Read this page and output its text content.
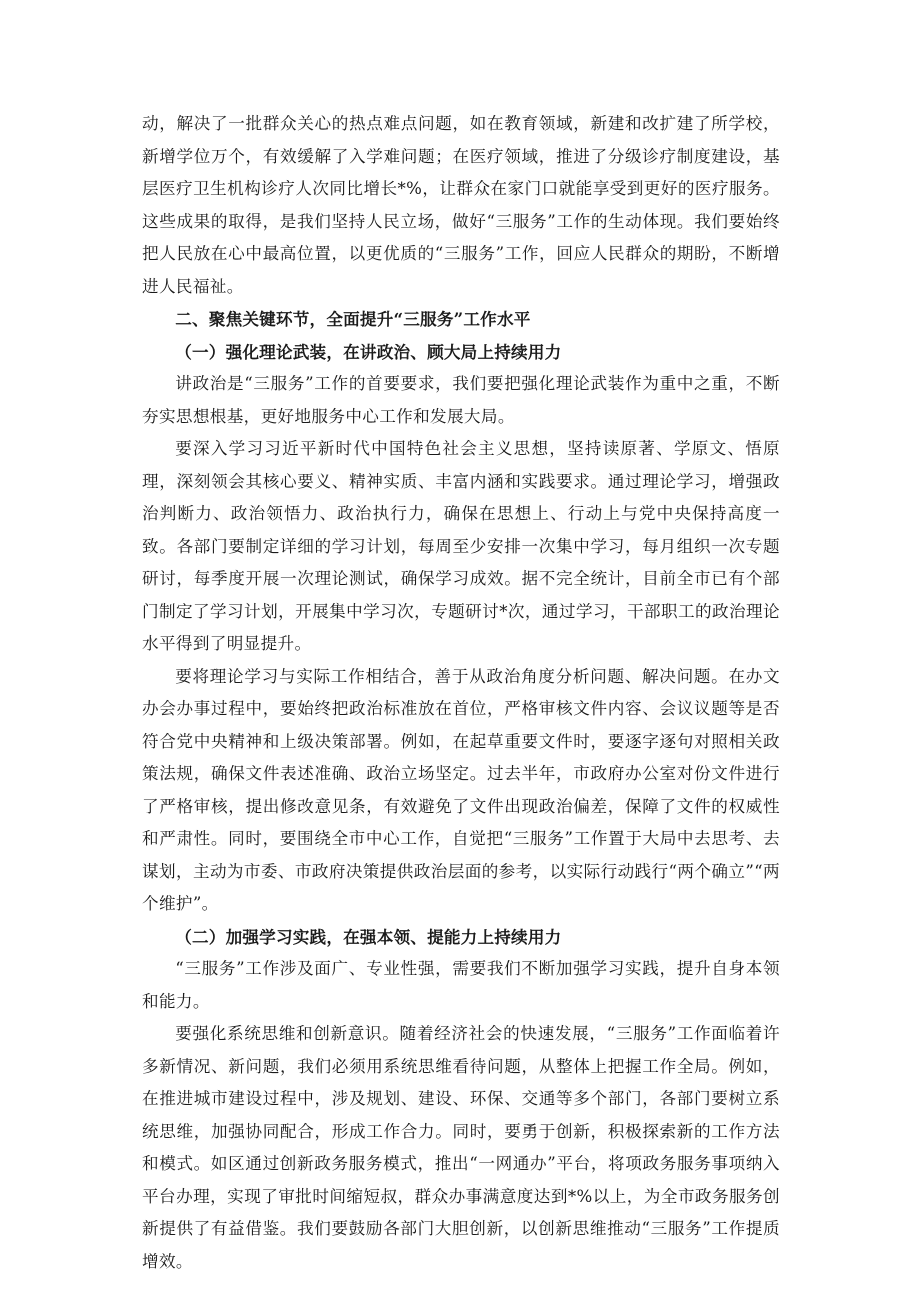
动，解决了一批群众关心的热点难点问题，如在教育领域，新建和改扩建了所学校，新增学位万个，有效缓解了入学难问题；在医疗领域，推进了分级诊疗制度建设，基层医疗卫生机构诊疗人次同比增长*%，让群众在家门口就能享受到更好的医疗服务。这些成果的取得，是我们坚持人民立场，做好“三服务”工作的生动体现。我们要始终把人民放在心中最高位置，以更优质的“三服务”工作，回应人民群众的期盼，不断增进人民福祉。

二、聚焦关键环节，全面提升“三服务”工作水平

（一）强化理论武装，在讲政治、顾大局上持续用力

讲政治是“三服务”工作的首要要求，我们要把强化理论武装作为重中之重，不断夯实思想根基，更好地服务中心工作和发展大局。

要深入学习习近平新时代中国特色社会主义思想，坚持读原著、学原文、悟原理，深刻领会其核心要义、精神实质、丰富内涵和实践要求。通过理论学习，增强政治判断力、政治领悟力、政治执行力，确保在思想上、行动上与党中央保持高度一致。各部门要制定详细的学习计划，每周至少安排一次集中学习，每月组织一次专题研讨，每季度开展一次理论测试，确保学习成效。据不完全统计，目前全市已有个部门制定了学习计划，开展集中学习次，专题研讨*次，通过学习，干部职工的政治理论水平得到了明显提升。

要将理论学习与实际工作相结合，善于从政治角度分析问题、解决问题。在办文办会办事过程中，要始终把政治标准放在首位，严格审核文件内容、会议议题等是否符合党中央精神和上级决策部署。例如，在起草重要文件时，要逐字逐句对照相关政策法规，确保文件表述准确、政治立场坚定。过去半年，市政府办公室对份文件进行了严格审核，提出修改意见条，有效避免了文件出现政治偏差，保障了文件的权威性和严肃性。同时，要围绕全市中心工作，自觉把“三服务”工作置于大局中去思考、去谋划，主动为市委、市政府决策提供政治层面的参考，以实际行动践行“两个确立”“两个维护”。

（二）加强学习实践，在强本领、提能力上持续用力

“三服务”工作涉及面广、专业性强，需要我们不断加强学习实践，提升自身本领和能力。

要强化系统思维和创新意识。随着经济社会的快速发展，“三服务”工作面临着许多新情况、新问题，我们必须用系统思维看待问题，从整体上把握工作全局。例如，在推进城市建设过程中，涉及规划、建设、环保、交通等多个部门，各部门要树立系统思维，加强协同配合，形成工作合力。同时，要勇于创新，积极探索新的工作方法和模式。如区通过创新政务服务模式，推出“一网通办”平台，将项政务服务事项纳入平台办理，实现了审批时间缩短叔，群众办事满意度达到*%以上，为全市政务服务创新提供了有益借鉴。我们要鼓励各部门大胆创新，以创新思维推动“三服务”工作提质增效。
